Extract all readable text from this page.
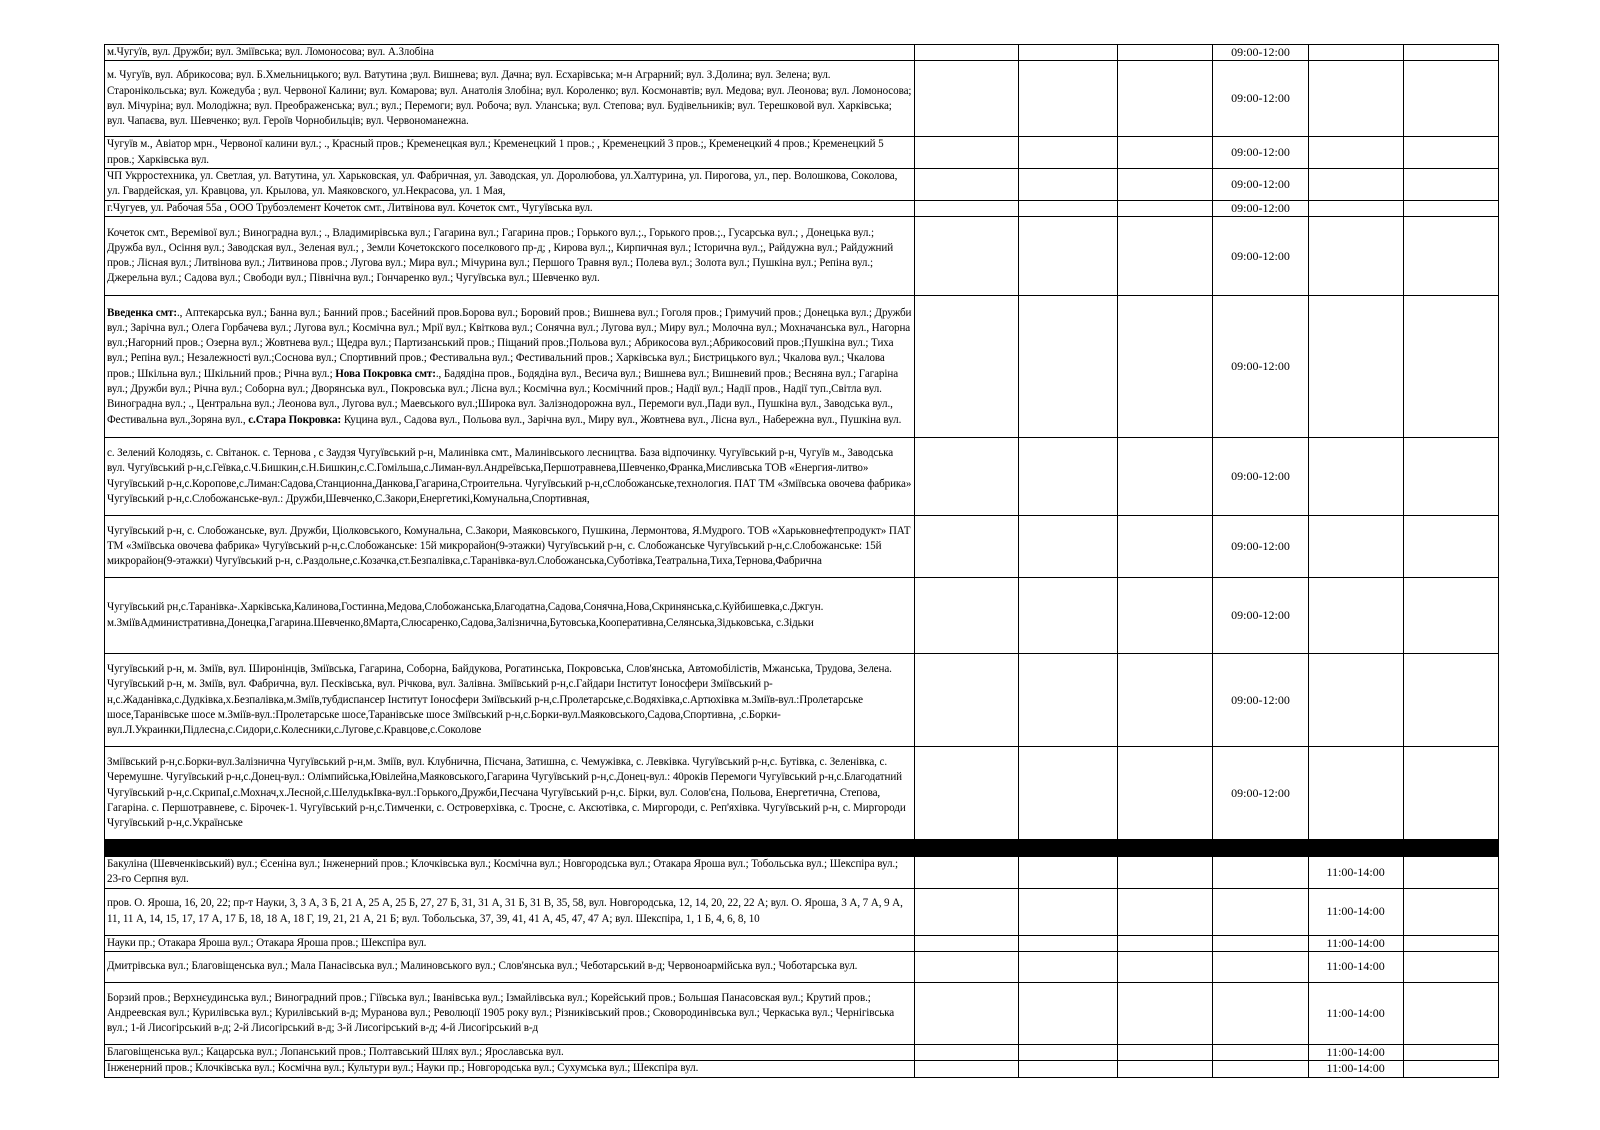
м.Чугуїв, вул. Дружби; вул. Зміївська; вул. Ломоносова; вул. А.Злобіна				09:00-12:00		
м. Чугуїв, вул. Абрикосова; вул. Б.Хмельницького; вул. Ватутина ;вул. Вишнева; вул. Дачна; вул. Есхарівська; м-н Аграрний; вул. З.Долина; вул. Зелена; вул. Старонікольська; вул. Кожедуба ; вул. Червоної Калини; вул. Комарова; вул. Анатолія Злобіна; вул. Короленко; вул. Космонавтів; вул. Медова; вул. Леонова; вул. Ломоносова; вул. Мічуріна; вул. Молодіжна; вул. Преображенська; вул.; вул.; Перемоги; вул. Робоча; вул. Уланська; вул. Степова; вул. Будівельників; вул. Терешковой вул. Харківська; вул. Чапаєва, вул. Шевченко; вул. Героїв Чорнобильців; вул. Червономанежна.				09:00-12:00		
Чугуїв м., Авіатор мрн., Червоної калини вул.; ., Красный пров.; Кременецкая вул.; Кременецкий 1 пров.; , Кременецкий 3 пров.;, Кременецкий 4 пров.; Кременецкий 5 пров.; Харківська вул.				09:00-12:00		
ЧП Укрростехника, ул. Светлая, ул. Ватутина, ул. Харьковская, ул. Фабричная, ул. Заводская, ул. Доролюбова, ул.Халтурина, ул. Пирогова, ул., пер. Волошкова, Соколова, ул. Гвардейская, ул. Кравцова, ул. Крылова, ул. Маяковского, ул.Некрасова, ул. 1 Мая,				09:00-12:00		
г.Чугуев, ул. Рабочая 55а , ООО Трубоэлемент Кочеток смт., Литвінова вул. Кочеток смт., Чугуївська вул.				09:00-12:00		
Кочеток смт., Веремiвої вул.; Виноградна вул.; ., Владимирівська вул.; Гагарина вул.; Гагарина пров.; Горького вул.;., Горького пров.;., Гусарська вул.; , Донецька вул.; Дружба вул., Осіння вул.; Заводская вул., Зеленая вул.; , Земли Кочетокского поселкового пр-д; , Кирова вул.;, Кирпичная вул.; Історична вул.;, Райдужна вул.; Райдужний пров.; Лісная вул.; Литвінова вул.; Литвинова пров.; Лугова вул.; Мира вул.; Мічурина вул.; Першого Травня вул.; Полева вул.; Золота вул.; Пушкіна вул.; Репіна вул.; Джерельна вул.; Садова вул.; Свободи вул.; Північна вул.; Гончаренко вул.; Чугуївська вул.; Шевченко вул.				09:00-12:00		
Введенка смт:., Аптекарська вул.; Банна вул.; Банний пров.; Басейний пров.Борова вул.; Боровий пров.; Вишнева вул.; Гоголя пров.; Гримучий пров.; Донецька вул.; Дружби вул.; Зарічна вул.; Олега Горбачева вул.; Лугова вул.; Космічна вул.; Мрії вул.; Квіткова вул.; Сонячна вул.; Лугова вул.; Миру вул.; Молочна вул.; Мохначанська вул., Нагорна вул.;Нагорний пров.; Озерна вул.; Жовтнева вул.; Щедра вул.; Партизанський пров.; Піщаний пров.;Польова вул.; Абрикосова вул.;Абрикосовий пров.;Пушкіна вул.; Тиха вул.; Репіна вул.; Незалежності вул.;Соснова вул.; Спортивний пров.; Фестивальна вул.; Фестивальний пров.; Харківська вул.; Бистрицького вул.; Чкалова вул.; Чкалова пров.; Шкільна вул.; Шкільний пров.; Річна вул.; Нова Покровка смт:., Бадядіна пров., Бодядіна вул., Весича вул.; Вишнева вул.; Вишневий пров.; Весняна вул.; Гагаріна вул.; Дружби вул.; Річна вул.; Соборна вул.; Дворянська вул., Покровська вул.; Лісна вул.; Космічна вул.; Космічний пров.; Надії вул.; Надії пров., Надії туп.,Світла вул. Виноградна вул.; ., Центральна вул.; Леонова вул., Лугова вул.; Маевського вул.;Широка вул. Залізнодорожна вул., Перемоги вул.,Пади вул., Пушкіна вул., Заводська вул., Фестивальна вул.,Зоряна вул., с.Стара Покровка: Куцина вул., Садова вул., Польова вул., Зарічна вул., Миру вул., Жовтнева вул., Лісна вул., Набережна вул., Пушкіна вул.				09:00-12:00		
с. Зелений Колодязь, с. Світанок. с. Тернова , с Заудзя Чугуївський р-н, Малинівка смт., Малинівського лесництва. База відпочинку. Чугуївський р-н, Чугуїв м., Заводська вул. Чугуївський р-н,с.Геївка,с.Ч.Бишкин,с.Н.Бишкин,с.С.Гомільша,с.Лиман-вул.Андреївська,Першотравнева,Шевченко,Франка,Мисливська ТОВ «Енергия-литво» Чугуївський р-н,с.Коропове,с.Лиман:Садова,Станционна,Данкова,Гагарина,Строительна. Чугуївський р-н,сСлобожанське,технология. ПАТ ТМ «Зміївська овочева фабрика» Чугуївський р-н,с.Слобожанське-вул.: Дружби,Шевченко,С.Закори,Енергетикі,Комунальна,Спортивная,				09:00-12:00		
Чугуївський р-н, с. Слобожанське, вул. Дружби, Ціолковського, Комунальна, С.Закори, Маяковського, Пушкина, Лермонтова, Я.Мудрого. ТОВ «Харьковнефтепродукт» ПАТ ТМ «Зміївська овочева фабрика» Чугуївський р-н,с.Слобожанське: 15й микрорайон(9-этажки) Чугуївський р-н, с. Слобожанське Чугуївський р-н,с.Слобожанське: 15й микрорайон(9-этажки) Чугуївський р-н, с.Раздольне,с.Козачка,ст.Безпалівка,с.Таранівка-вул.Слобожанська,Суботівка,Театральна,Тиха,Тернова,Фабрична				09:00-12:00		
Чугуївський рн,с.Таранівка-.Харківська,Калинова,Гостинна,Медова,Слобожанська,Благодатна,Садова,Сонячна,Нова,Скринянська,с.Куйбишевка,с.Джгун. м.ЗміївАдминистративна,Донецка,Гагарина.Шевченко,8Марта,Слюсаренко,Садова,Залізнична,Бутовська,Кооперативна,Селянська,Зідьковська, с.Зідьки				09:00-12:00		
Чугуївський р-н, м. Зміїв, вул. Широнінців, Зміївська, Гагарина, Соборна, Байдукова, Рогатинська, Покровська, Слов'янська, Автомобілістів, Мжанська, Трудова, Зелена. Чугуївський р-н, м. Зміїв, вул. Фабрична, вул. Песківська, вул. Річкова, вул. Залівна. Зміївський р-н,с.Гайдари Інститут Іоносфери Зміївський р-н,с.Жаданівка,с.Дудківка,х.Безпалівка,м.Зміїв,тубдиспансер Інститут Іоносфери Зміївський р-н,с.Пролетарське,с.Водяхівка,с.Артюхівка м.Зміїв-вул.:Пролетарське шосе,Таранівське шосе м.Зміїв-вул.:Пролетарське шосе,Таранівське шосе Зміївський р-н,с.Борки-вул.Маяковського,Садова,Спортивна, ,с.Борки-вул.Л.Украинки,Підлесна,с.Сидори,с.Колесники,с.Лугове,с.Кравцове,с.Соколове				09:00-12:00		
Зміївський р-н,с.Борки-вул.Залізнична Чугуївський р-н,м. Зміїв, вул. Клубнична, Пісчана, Затишна, с. Чемужівка, с. Левківка. Чугуївський р-н,с. Бутівка, с. Зеленівка, с. Черемушне. Чугуївський р-н,с.Донец-вул.: Олімпийська,Ювілейна,Маяковського,Гагарина Чугуївський р-н,с.Донец-вул.: 40років Перемоги Чугуївський р-н,с.Благодатний Чугуївський р-н,с.СкрипаІ,с.Мохнач,х.Лесной,с.ШелудькІвка-вул.:Горького,Дружби,Песчана Чугуївський р-н,с. Бірки, вул. Солов'єна, Польова, Енергетична, Степова, Гагаріна. с. Першотравневе, с. Бірочек-1. Чугуївський р-н,с.Тимченки, с. Островерхівка, с. Тросне, с. Аксютівка, с. Миргороди, с. Реп'яхівка. Чугуївський р-н, с. Миргороди Чугуївський р-н,с.Українське				09:00-12:00		

Бакуліна (Шевченківський) вул.; Єсеніна вул.; Інженерний пров.; Клочківська вул.; Космічна вул.; Новгородська вул.; Отакара Яроша вул.; Тобольська вул.; Шекспіра вул.; 23-го Серпня вул.					11:00-14:00	
пров. О. Яроша, 16, 20, 22; пр-т Науки, 3, 3 А, 3 Б, 21 А, 25 А, 25 Б, 27, 27 Б, 31, 31 А, 31 Б, 31 В, 35, 58, вул. Новгородська, 12, 14, 20, 22, 22 А; вул. О. Яроша, 3 А, 7 А, 9 А, 11, 11 А, 14, 15, 17, 17 А, 17 Б, 18, 18 А, 18 Г, 19, 21, 21 А, 21 Б; вул. Тобольська, 37, 39, 41, 41 А, 45, 47, 47 А; вул. Шекспіра, 1, 1 Б, 4, 6, 8, 10					11:00-14:00	
Науки пр.; Отакара Яроша вул.; Отакара Яроша пров.; Шекспіра вул.					11:00-14:00	
Дмитрівська вул.; Благовіщенська вул.; Мала Панасівська вул.; Малиновського вул.; Слов'янська вул.; Чеботарський в-д; Червоноармійська вул.; Чоботарська вул.					11:00-14:00	
Борзий пров.; Верхнєудинська вул.; Виноградний пров.; Гіївська вул.; Іванівська вул.; Ізмайлівська вул.; Корейський пров.; Большая Панасовская вул.; Крутий пров.; Андреевская вул.; Курилівська вул.; Курилівський в-д; Муранова вул.; Революції 1905 року вул.; Різниківський пров.; Сковородинівська вул.; Черкаська вул.; Чернігівська вул.; 1-й Лисогірський в-д; 2-й Лисогірський в-д; 3-й Лисогірський в-д; 4-й Лисогірський в-д					11:00-14:00	
Благовіщенська вул.; Кацарська вул.; Лопанський пров.; Полтавський Шлях вул.; Ярославська вул.					11:00-14:00	
Інженерний пров.; Клочківська вул.; Космічна вул.; Культури вул.; Науки пр.; Новгородська вул.; Сухумська вул.; Шекспіра вул.					11:00-14:00	
